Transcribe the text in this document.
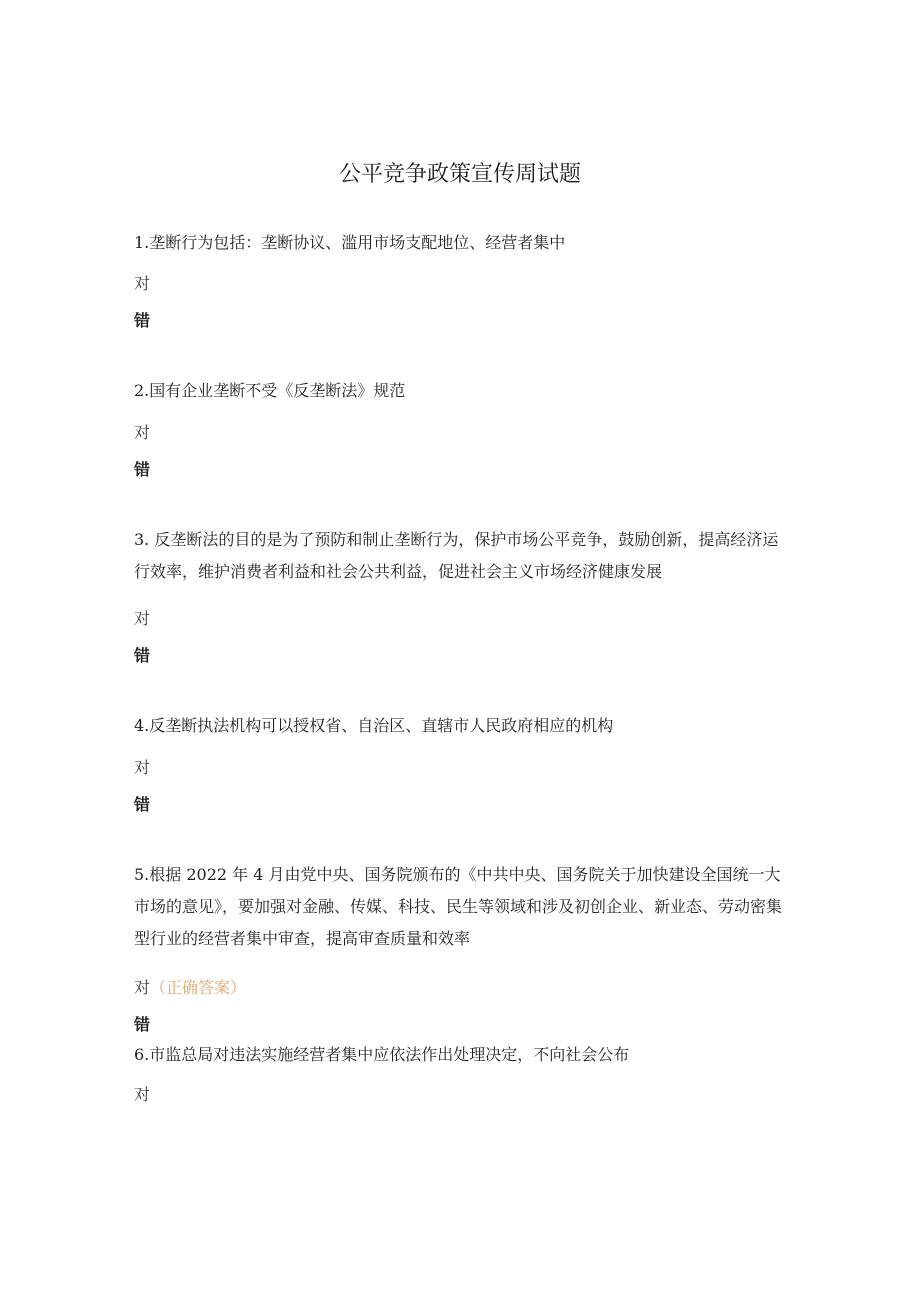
公平竞争政策宣传周试题
1.垄断行为包括：垄断协议、滥用市场支配地位、经营者集中
对
错
2.国有企业垄断不受《反垄断法》规范
对
错
3. 反垄断法的目的是为了预防和制止垄断行为，保护市场公平竞争，鼓励创新，提高经济运行效率，维护消费者利益和社会公共利益，促进社会主义市场经济健康发展
对
错
4.反垄断执法机构可以授权省、自治区、直辖市人民政府相应的机构
对
错
5.根据 2022 年 4 月由党中央、国务院颁布的《中共中央、国务院关于加快建设全国统一大市场的意见》，要加强对金融、传媒、科技、民生等领域和涉及初创企业、新业态、劳动密集型行业的经营者集中审查，提高审查质量和效率
对（正确答案）
错
6.市监总局对违法实施经营者集中应依法作出处理决定，不向社会公布
对
